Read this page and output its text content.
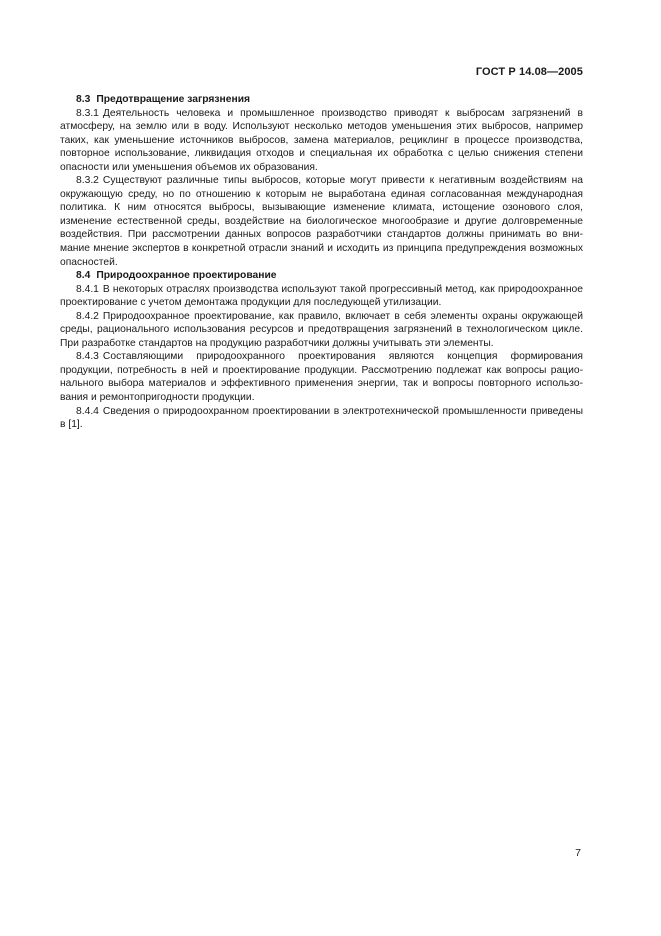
ГОСТ Р 14.08—2005

8.3 Предотвращение загрязнения

8.3.1 Деятельность человека и промышленное производство приводят к выбросам загрязнений в атмосферу, на землю или в воду. Используют несколько методов уменьшения этих выбросов, например таких, как уменьшение источников выбросов, замена материалов, рециклинг в процессе производства, повторное использование, ликвидация отходов и специальная их обработка с целью снижения степени опасности или уменьшения объемов их образования.

8.3.2 Существуют различные типы выбросов, которые могут привести к негативным воздействиям на окружающую среду, но по отношению к которым не выработана единая согласованная международная политика. К ним относятся выбросы, вызывающие изменение климата, истощение озонового слоя, изменение естественной среды, воздействие на биологическое многообразие и другие долговременные воздействия. При рассмотрении данных вопросов разработчики стандартов должны принимать во внимание мнение экспертов в конкретной отрасли знаний и исходить из принципа предупреждения возможных опасностей.

8.4 Природоохранное проектирование

8.4.1 В некоторых отраслях производства используют такой прогрессивный метод, как природоохранное проектирование с учетом демонтажа продукции для последующей утилизации.

8.4.2 Природоохранное проектирование, как правило, включает в себя элементы охраны окружающей среды, рационального использования ресурсов и предотвращения загрязнений в технологическом цикле. При разработке стандартов на продукцию разработчики должны учитывать эти элементы.

8.4.3 Составляющими природоохранного проектирования являются концепция формирования продукции, потребность в ней и проектирование продукции. Рассмотрению подлежат как вопросы рационального выбора материалов и эффективного применения энергии, так и вопросы повторного использования и ремонтопригодности продукции.

8.4.4 Сведения о природоохранном проектировании в электротехнической промышленности приведены в [1].

7
